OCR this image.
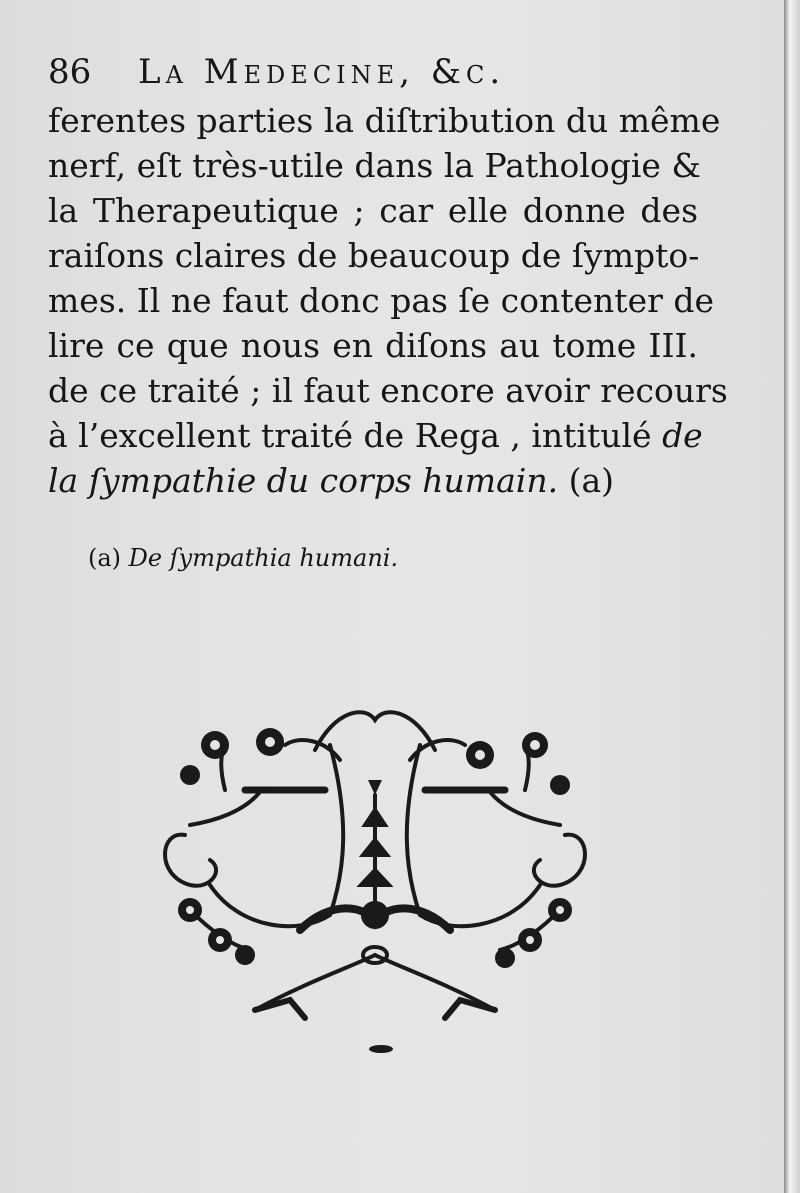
86 La Medecine, &c.
ferentes parties la diſtribution du même
nerf, eſt très-utile dans la Pathologie &
la Therapeutique ; car elle donne des
raiſons claires de beaucoup de ſympto-
mes. Il ne faut donc pas ſe contenter de
lire ce que nous en diſons au tome III.
de ce traité ; il faut encore avoir recours
à l’excellent traité de Rega , intitulé de
la ſympathie du corps humain. (a)
(a) De ſympathia humani.
